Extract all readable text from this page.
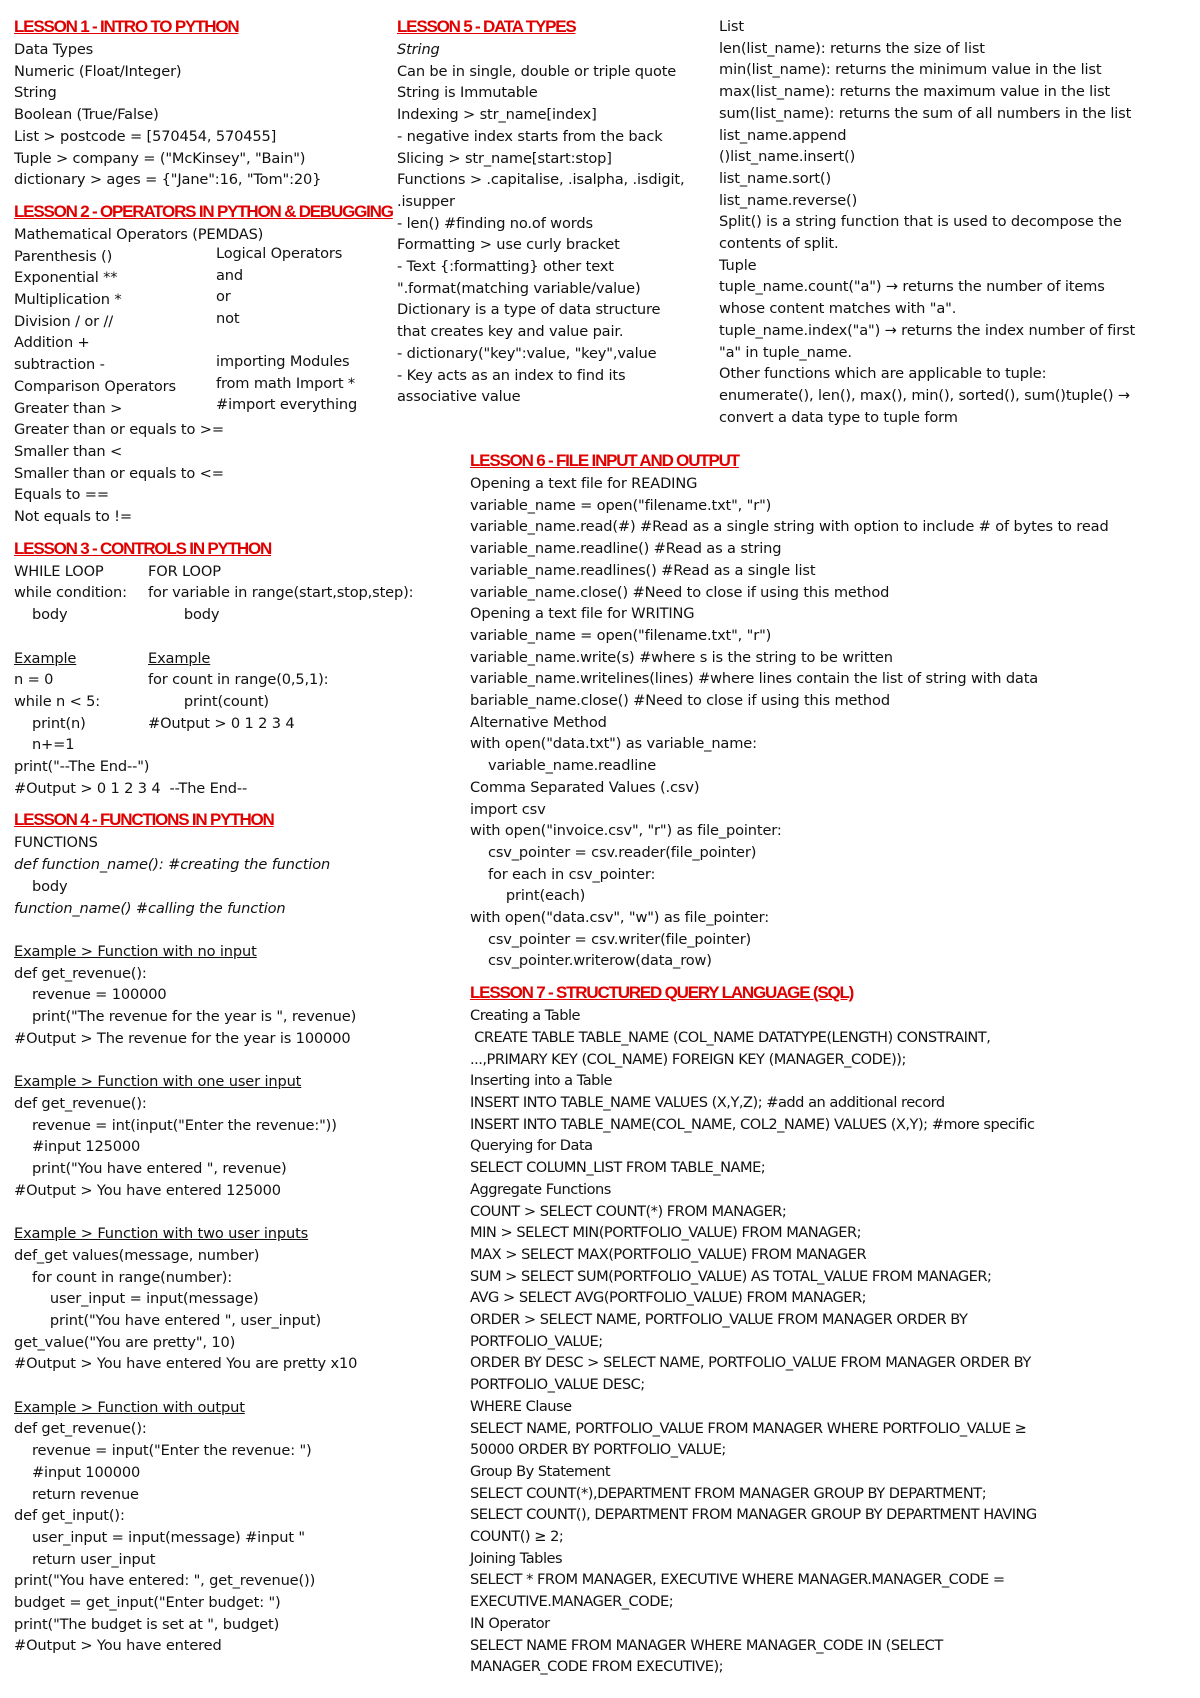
LESSON 1 - INTRO TO PYTHON
Data Types
Numeric (Float/Integer)
String
Boolean (True/False)
List > postcode = [570454, 570455]
Tuple > company = ("McKinsey", "Bain")
dictionary > ages = {"Jane":16, "Tom":20}
LESSON 2 - OPERATORS IN PYTHON & DEBUGGING
Mathematical Operators (PEMDAS)
Parenthesis ()
Exponential **
Multiplication *
Division / or //
Addition +
subtraction -
Comparison Operators
Greater than >
Greater than or equals to >=
Smaller than <
Smaller than or equals to <=
Equals to ==
Not equals to !=
Logical Operators
and
or
not
importing Modules
from math Import *
#import everything
LESSON 3 - CONTROLS IN PYTHON
WHILE LOOP
while condition:
body
Example
n = 0
while n < 5:
print(n)
n+=1
FOR LOOP
for variable in range(start,stop,step):
body
Example
for count in range(0,5,1):
print(count)
#Output > 0 1 2 3 4
print("--The End--")
#Output > 0 1 2 3 4  --The End--
LESSON 4 - FUNCTIONS IN PYTHON
FUNCTIONS
def function_name(): #creating the function
body
function_name() #calling the function
Example > Function with no input
def get_revenue():
revenue = 100000
print("The revenue for the year is ", revenue)
#Output > The revenue for the year is 100000
Example > Function with one user input
def get_revenue():
revenue = int(input("Enter the revenue:"))
#input 125000
print("You have entered ", revenue)
#Output > You have entered 125000
Example > Function with two user inputs
def_get values(message, number)
for count in range(number):
user_input = input(message)
print("You have entered ", user_input)
get_value("You are pretty", 10)
#Output > You have entered You are pretty x10
Example > Function with output
def get_revenue():
revenue = input("Enter the revenue: ")
#input 100000
return revenue
def get_input():
user_input = input(message) #input "
return user_input
print("You have entered: ", get_revenue())
budget = get_input("Enter budget: ")
print("The budget is set at ", budget)
#Output > You have entered
LESSON 5 - DATA TYPES
String
Can be in single, double or triple quote
String is Immutable
Indexing > str_name[index]
- negative index starts from the back
Slicing > str_name[start:stop]
Functions > .capitalise, .isalpha, .isdigit,
.isupper
- len() #finding no.of words
Formatting > use curly bracket
- Text {:formatting} other text
".format(matching variable/value)
Dictionary is a type of data structure
that creates key and value pair.
- dictionary("key":value, "key",value
- Key acts as an index to find its
associative value
List
len(list_name): returns the size of list
min(list_name): returns the minimum value in the list
max(list_name): returns the maximum value in the list
sum(list_name): returns the sum of all numbers in the list
list_name.append
()list_name.insert()
list_name.sort()
list_name.reverse()
Split() is a string function that is used to decompose the
contents of split.
Tuple
tuple_name.count("a") → returns the number of items
whose content matches with "a".
tuple_name.index("a") → returns the index number of first
"a" in tuple_name.
Other functions which are applicable to tuple:
enumerate(), len(), max(), min(), sorted(), sum()tuple() →
convert a data type to tuple form
LESSON 6 - FILE INPUT AND OUTPUT
Opening a text file for READING
variable_name = open("filename.txt", "r")
variable_name.read(#) #Read as a single string with option to include # of bytes to read
variable_name.readline() #Read as a string
variable_name.readlines() #Read as a single list
variable_name.close() #Need to close if using this method
Opening a text file for WRITING
variable_name = open("filename.txt", "r")
variable_name.write(s) #where s is the string to be written
variable_name.writelines(lines) #where lines contain the list of string with data
bariable_name.close() #Need to close if using this method
Alternative Method
with open("data.txt") as variable_name:
variable_name.readline
Comma Separated Values (.csv)
import csv
with open("invoice.csv", "r") as file_pointer:
csv_pointer = csv.reader(file_pointer)
for each in csv_pointer:
print(each)
with open("data.csv", "w") as file_pointer:
csv_pointer = csv.writer(file_pointer)
csv_pointer.writerow(data_row)
LESSON 7 - STRUCTURED QUERY LANGUAGE (SQL)
Creating a Table
CREATE TABLE TABLE_NAME (COL_NAME DATATYPE(LENGTH) CONSTRAINT,
...,PRIMARY KEY (COL_NAME) FOREIGN KEY (MANAGER_CODE));
Inserting into a Table
INSERT INTO TABLE_NAME VALUES (X,Y,Z); #add an additional record
INSERT INTO TABLE_NAME(COL_NAME, COL2_NAME) VALUES (X,Y); #more specific
Querying for Data
SELECT COLUMN_LIST FROM TABLE_NAME;
Aggregate Functions
COUNT > SELECT COUNT(*) FROM MANAGER;
MIN > SELECT MIN(PORTFOLIO_VALUE) FROM MANAGER;
MAX > SELECT MAX(PORTFOLIO_VALUE) FROM MANAGER
SUM > SELECT SUM(PORTFOLIO_VALUE) AS TOTAL_VALUE FROM MANAGER;
AVG > SELECT AVG(PORTFOLIO_VALUE) FROM MANAGER;
ORDER > SELECT NAME, PORTFOLIO_VALUE FROM MANAGER ORDER BY
PORTFOLIO_VALUE;
ORDER BY DESC > SELECT NAME, PORTFOLIO_VALUE FROM MANAGER ORDER BY
PORTFOLIO_VALUE DESC;
WHERE Clause
SELECT NAME, PORTFOLIO_VALUE FROM MANAGER WHERE PORTFOLIO_VALUE ≥
50000 ORDER BY PORTFOLIO_VALUE;
Group By Statement
SELECT COUNT(*),DEPARTMENT FROM MANAGER GROUP BY DEPARTMENT;
SELECT COUNT(), DEPARTMENT FROM MANAGER GROUP BY DEPARTMENT HAVING
COUNT() ≥ 2;
Joining Tables
SELECT * FROM MANAGER, EXECUTIVE WHERE MANAGER.MANAGER_CODE =
EXECUTIVE.MANAGER_CODE;
IN Operator
SELECT NAME FROM MANAGER WHERE MANAGER_CODE IN (SELECT
MANAGER_CODE FROM EXECUTIVE);
